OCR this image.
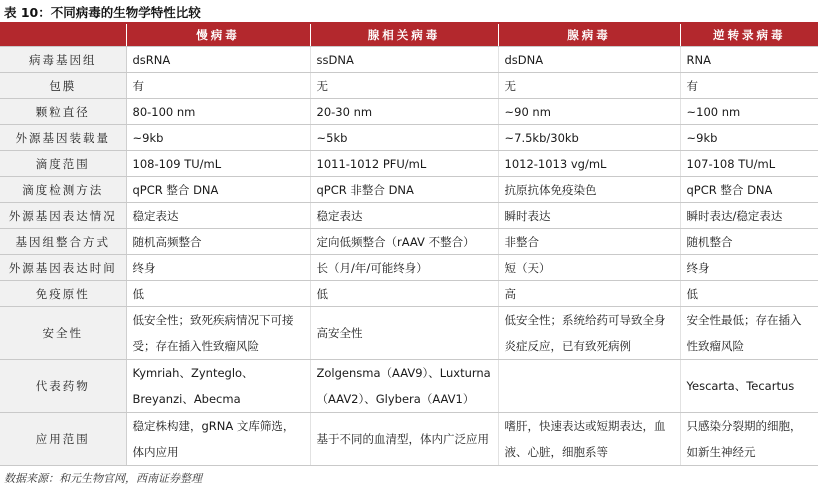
表 10：不同病毒的生物学特性比较
	慢病毒	腺相关病毒	腺病毒	逆转录病毒
病毒基因组	dsRNA	ssDNA	dsDNA	RNA
包膜	有	无	无	有
颗粒直径	80-100 nm	20-30 nm	~90 nm	~100 nm
外源基因装载量	~9kb	~5kb	~7.5kb/30kb	~9kb
滴度范围	108-109 TU/mL	1011-1012 PFU/mL	1012-1013 vg/mL	107-108 TU/mL
滴度检测方法	qPCR 整合 DNA	qPCR 非整合 DNA	抗原抗体免疫染色	qPCR 整合 DNA
外源基因表达情况	稳定表达	稳定表达	瞬时表达	瞬时表达/稳定表达
基因组整合方式	随机高频整合	定向低频整合（rAAV 不整合）	非整合	随机整合
外源基因表达时间	终身	长（月/年/可能终身）	短（天）	终身
免疫原性	低	低	高	低
安全性	低安全性；致死疾病情况下可接受；存在插入性致瘤风险	高安全性	低安全性；系统给药可导致全身炎症反应，已有致死病例	安全性最低；存在插入性致瘤风险
代表药物	Kymriah、Zynteglo、Breyanzi、Abecma	Zolgensma（AAV9）、Luxturna（AAV2）、Glybera（AAV1）		Yescarta、Tecartus
应用范围	稳定株构建，gRNA 文库筛选，体内应用	基于不同的血清型，体内广泛应用	嗜肝，快速表达或短期表达，血液、心脏，细胞系等	只感染分裂期的细胞，如新生神经元
数据来源：和元生物官网，西南证券整理
